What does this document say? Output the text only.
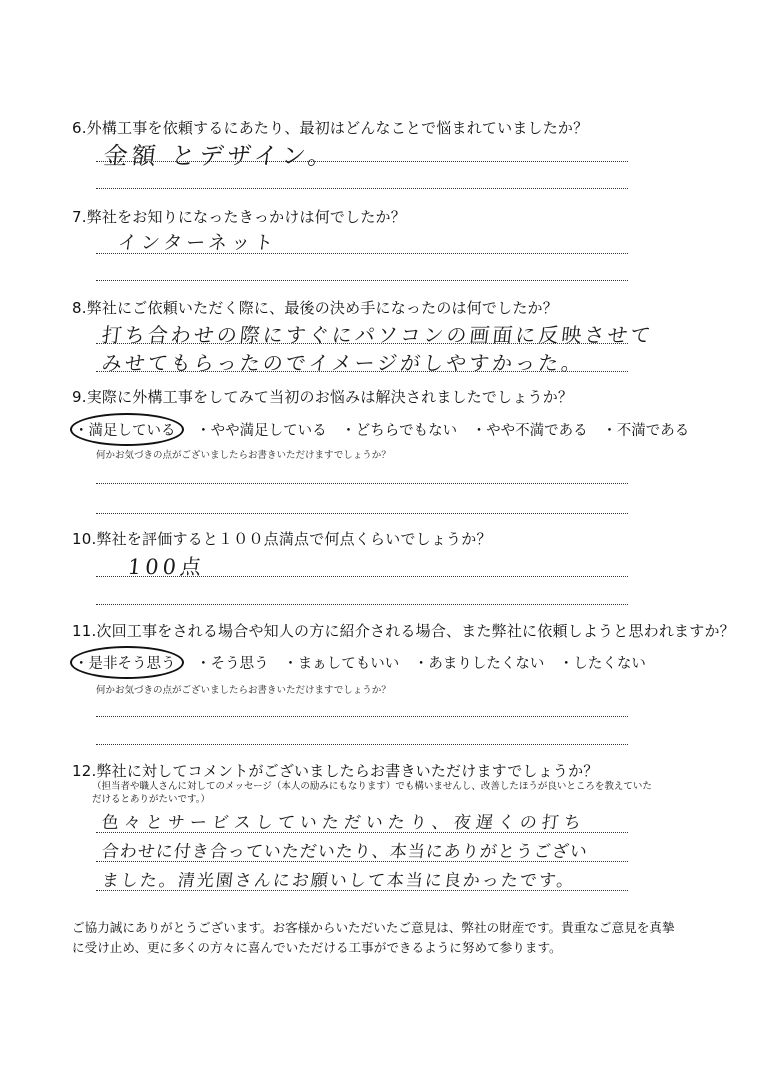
6.外構工事を依頼するにあたり、最初はどんなことで悩まれていましたか？
金額 とデザイン。
7.弊社をお知りになったきっかけは何でしたか？
インターネット
8.弊社にご依頼いただく際に、最後の決め手になったのは何でしたか？
打ち合わせの際にすぐにパソコンの画面に反映させて
みせてもらったのでイメージがしやすかった。
9.実際に外構工事をしてみて当初のお悩みは解決されましたでしょうか？
・満足している ・やや満足している ・どちらでもない ・やや不満である ・不満である
何かお気づきの点がございましたらお書きいただけますでしょうか？
10.弊社を評価すると１００点満点で何点くらいでしょうか？
100点
11.次回工事をされる場合や知人の方に紹介される場合、また弊社に依頼しようと思われますか？
・是非そう思う ・そう思う ・まぁしてもいい ・あまりしたくない ・したくない
何かお気づきの点がございましたらお書きいただけますでしょうか？
12.弊社に対してコメントがございましたらお書きいただけますでしょうか？
（担当者や職人さんに対してのメッセージ（本人の励みにもなります）でも構いませんし、改善したほうが良いところを教えていただけるとありがたいです。）
色々とサービスしていただいたり、夜遅くの打ち
合わせに付き合っていただいたり、本当にありがとうござい
ました。清光園さんにお願いして本当に良かったです。
ご協力誠にありがとうございます。お客様からいただいたご意見は、弊社の財産です。貴重なご意見を真摯に受け止め、更に多くの方々に喜んでいただける工事ができるように努めて参ります。
